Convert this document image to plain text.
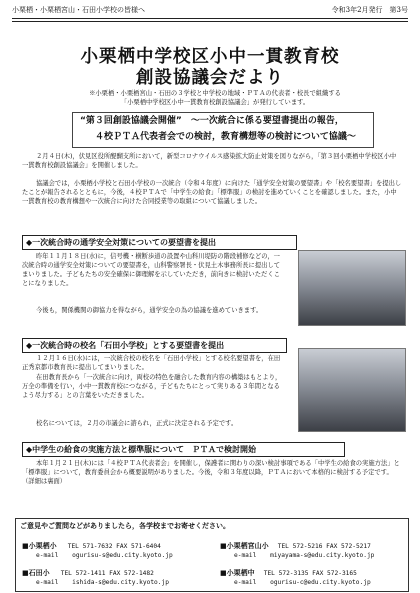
小栗栖・小栗栖宮山・石田小学校の皆様へ	令和3年2月発行　第3号
小栗栖中学校区小中一貫教育校
創設協議会だより
※小栗栖・小栗栖宮山・石田の３学校と中学校の地域・ＰＴＡの代表者・校長で組織する
「小栗栖中学校区小中一貫教育校創設協議会」が発行しています。
“第３回創設協議会開催”　～一次統合に係る要望書提出の報告，
４校ＰＴＡ代表者会での検討，教育構想等の検討について協議～
２月４日(木)，伏見区役所醍醐支所において，新型コロナウイルス感染拡大防止対策を図りながら，「第３回小栗栖中学校区小中一貫教育校創設協議会」を開催しました。
協議会では，小栗栖小学校と石田小学校の一次統合（令和４年度）に向けた「通学安全対策の要望書」や「校名要望書」を提出したことが報告されるとともに，今後，４校ＰＴＡで「中学生の給食」「標準服」の検討を進めていくことを確認しました。また，小中一貫教育校の教育構想や一次統合に向けた合同授業等の取組について協議しました。
◆一次統合時の通学安全対策についての要望書を提出
昨年１１月１８日(水)に，信号機・横断歩道の設置や山科川堤防の階段補修などの，一次統合時の通学安全対策についての要望書を，山科警察署長・伏見土木事務所長に提出してまいりました。子どもたちの安全確保に御理解を示していただき，前向きに検討いただくことになりました。
今後も，関係機関の御協力を得ながら，通学安全の為の協議を進めていきます。
◆一次統合時の校名「石田小学校」とする要望書を提出
１２月１６日(水)には，一次統合校の校名を「石田小学校」とする校名要望書を，在田正秀京都市教育長に提出してまいりました。
在田教育長から「一次統合に向け，両校の特色を融合した教育内容の構築はもとより，万全の準備を行い，小中一貫教育校につながる，子どもたちにとって実りある３年間となるよう尽力する」との言葉をいただきました。
校名については，２月の市議会に諮られ，正式に決定される予定です。
◆中学生の給食の実施方法と標準服について　ＰＴＡで検討開始
本年１月２１日(木)には「４校ＰＴＡ代表者会」を開催し，保護者に関わりの深い検討事項である「中学生の給食の実施方法」と「標準服」について，教育委員会から概要説明がありました。今後，令和３年度以降，ＰＴＡにおいて本格的に検討する予定です。（詳細は裏面）
ご意見やご質問などがありましたら，各学校までお寄せください。
■小栗栖小 TEL 571-7632 FAX 571-6404
e-mail ogurisu-s@edu.city.kyoto.jp
■小栗栖宮山小 TEL 572-5216 FAX 572-5217
e-mail miyayama-s@edu.city.kyoto.jp
■石田小 TEL 572-1411 FAX 572-1482
e-mail ishida-s@edu.city.kyoto.jp
■小栗栖中 TEL 572-3135 FAX 572-3165
e-mail ogurisu-c@edu.city.kyoto.jp
